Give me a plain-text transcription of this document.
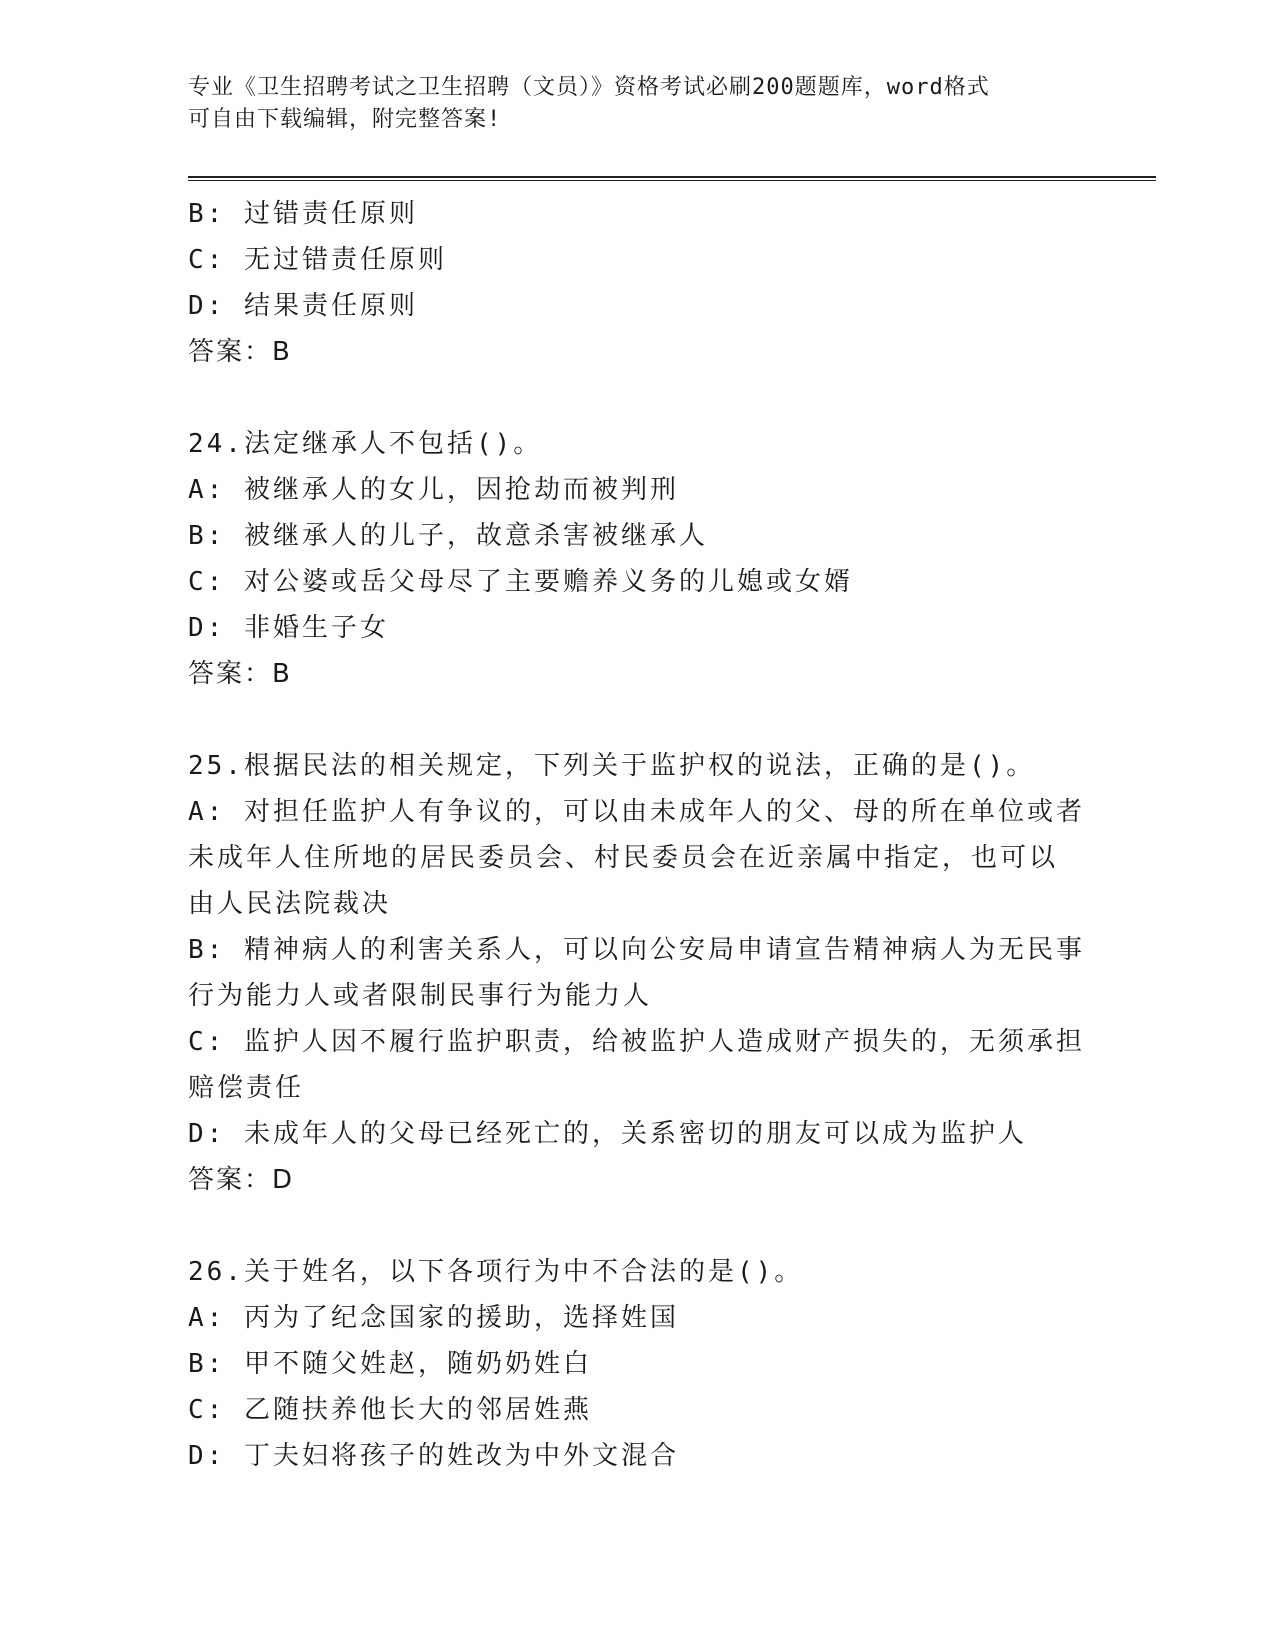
专业《卫生招聘考试之卫生招聘（文员）》资格考试必刷200题题库，word格式
可自由下载编辑，附完整答案!
B: 过错责任原则
C: 无过错责任原则
D: 结果责任原则
答案：B
24.法定继承人不包括()。
A: 被继承人的女儿，因抢劫而被判刑
B: 被继承人的儿子，故意杀害被继承人
C: 对公婆或岳父母尽了主要赡养义务的儿媳或女婿
D: 非婚生子女
答案：B
25.根据民法的相关规定，下列关于监护权的说法，正确的是()。
A: 对担任监护人有争议的，可以由未成年人的父、母的所在单位或者
未成年人住所地的居民委员会、村民委员会在近亲属中指定，也可以
由人民法院裁决
B: 精神病人的利害关系人，可以向公安局申请宣告精神病人为无民事
行为能力人或者限制民事行为能力人
C: 监护人因不履行监护职责，给被监护人造成财产损失的，无须承担
赔偿责任
D: 未成年人的父母已经死亡的，关系密切的朋友可以成为监护人
答案：D
26.关于姓名，以下各项行为中不合法的是()。
A: 丙为了纪念国家的援助，选择姓国
B: 甲不随父姓赵，随奶奶姓白
C: 乙随扶养他长大的邻居姓燕
D: 丁夫妇将孩子的姓改为中外文混合
